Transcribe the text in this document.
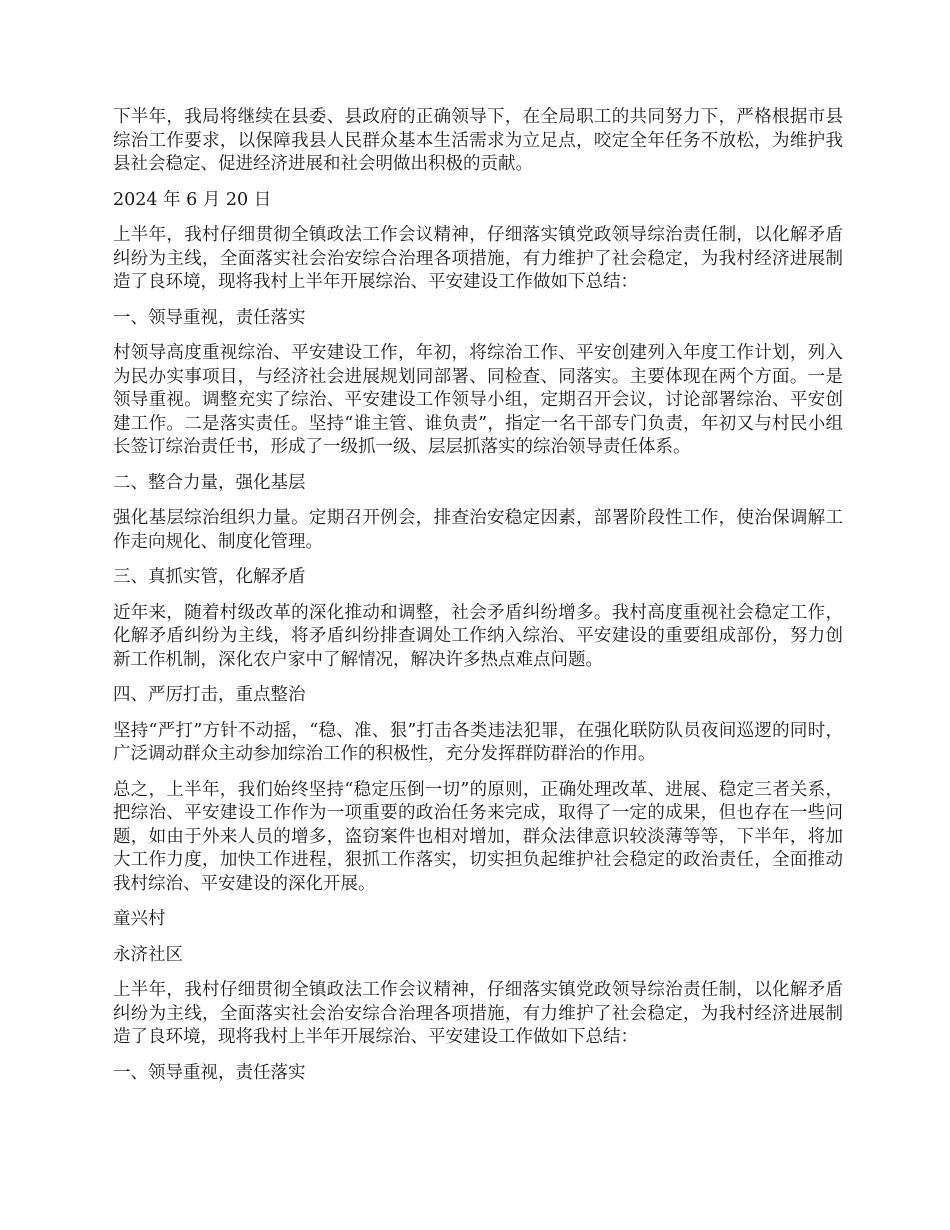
下半年，我局将继续在县委、县政府的正确领导下，在全局职工的共同努力下，严格根据市县综治工作要求，以保障我县人民群众基本生活需求为立足点，咬定全年任务不放松，为维护我县社会稳定、促进经济进展和社会明做出积极的贡献。

2024 年 6 月 20 日

上半年，我村仔细贯彻全镇政法工作会议精神，仔细落实镇党政领导综治责任制，以化解矛盾纠纷为主线，全面落实社会治安综合治理各项措施，有力维护了社会稳定，为我村经济进展制造了良环境，现将我村上半年开展综治、平安建设工作做如下总结：

一、领导重视，责任落实

村领导高度重视综治、平安建设工作，年初，将综治工作、平安创建列入年度工作计划，列入为民办实事项目，与经济社会进展规划同部署、同检查、同落实。主要体现在两个方面。一是领导重视。调整充实了综治、平安建设工作领导小组，定期召开会议，讨论部署综治、平安创建工作。二是落实责任。坚持“谁主管、谁负责”，指定一名干部专门负责，年初又与村民小组长签订综治责任书，形成了一级抓一级、层层抓落实的综治领导责任体系。

二、整合力量，强化基层

强化基层综治组织力量。定期召开例会，排查治安稳定因素，部署阶段性工作，使治保调解工作走向规化、制度化管理。

三、真抓实管，化解矛盾

近年来，随着村级改革的深化推动和调整，社会矛盾纠纷增多。我村高度重视社会稳定工作，化解矛盾纠纷为主线，将矛盾纠纷排查调处工作纳入综治、平安建设的重要组成部份，努力创新工作机制，深化农户家中了解情况，解决许多热点难点问题。

四、严厉打击，重点整治

坚持“严打”方针不动摇，“稳、准、狠”打击各类违法犯罪，在强化联防队员夜间巡逻的同时，广泛调动群众主动参加综治工作的积极性，充分发挥群防群治的作用。

总之，上半年，我们始终坚持“稳定压倒一切”的原则，正确处理改革、进展、稳定三者关系，把综治、平安建设工作作为一项重要的政治任务来完成，取得了一定的成果，但也存在一些问题，如由于外来人员的增多，盗窃案件也相对增加，群众法律意识较淡薄等等，下半年，将加大工作力度，加快工作进程，狠抓工作落实，切实担负起维护社会稳定的政治责任，全面推动我村综治、平安建设的深化开展。

童兴村

永济社区

上半年，我村仔细贯彻全镇政法工作会议精神，仔细落实镇党政领导综治责任制，以化解矛盾纠纷为主线，全面落实社会治安综合治理各项措施，有力维护了社会稳定，为我村经济进展制造了良环境，现将我村上半年开展综治、平安建设工作做如下总结：

一、领导重视，责任落实
